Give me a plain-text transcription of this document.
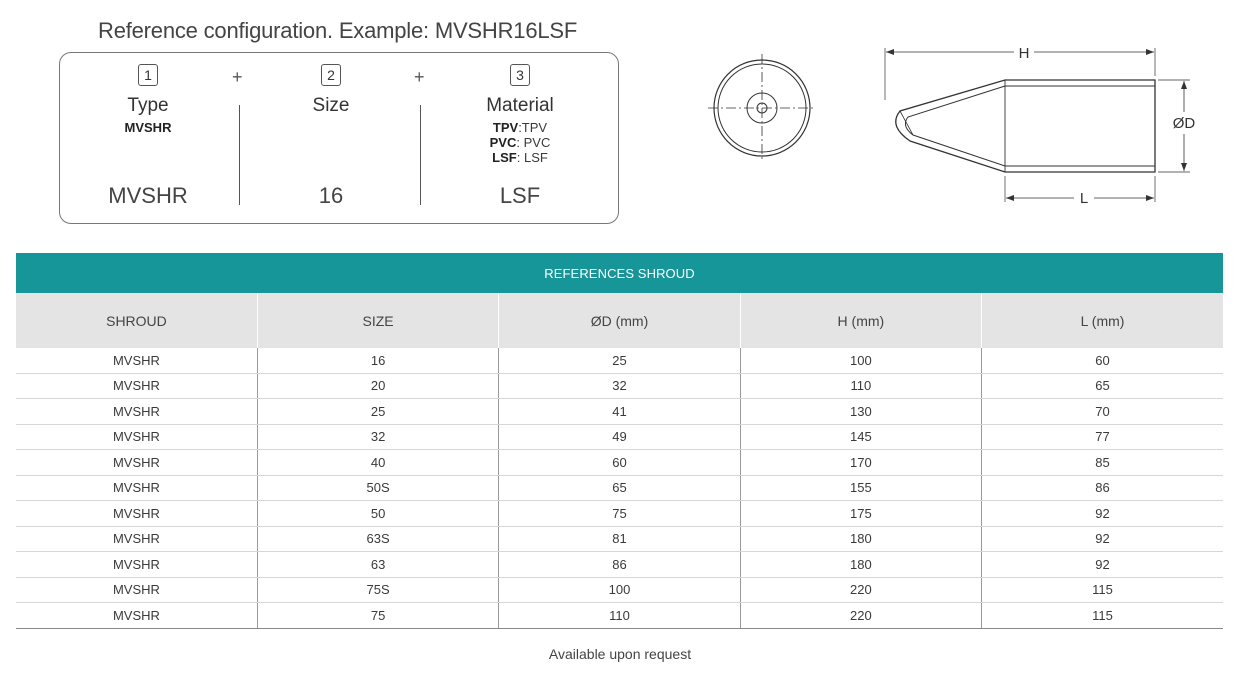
Reference configuration. Example: MVSHR16LSF
1
Type
MVSHR
MVSHR
+	2
Size
16
+	3
Material
TPV:TPV
PVC: PVC
LSF: LSF
LSF
H
ØD
L
REFERENCES SHROUD				
SHROUD	SIZE	ØD (mm)	H (mm)	L (mm)
MVSHR	16	25	100	60
MVSHR	20	32	110	65
MVSHR	25	41	130	70
MVSHR	32	49	145	77
MVSHR	40	60	170	85
MVSHR	50S	65	155	86
MVSHR	50	75	175	92
MVSHR	63S	81	180	92
MVSHR	63	86	180	92
MVSHR	75S	100	220	115
MVSHR	75	110	220	115
Available upon request
